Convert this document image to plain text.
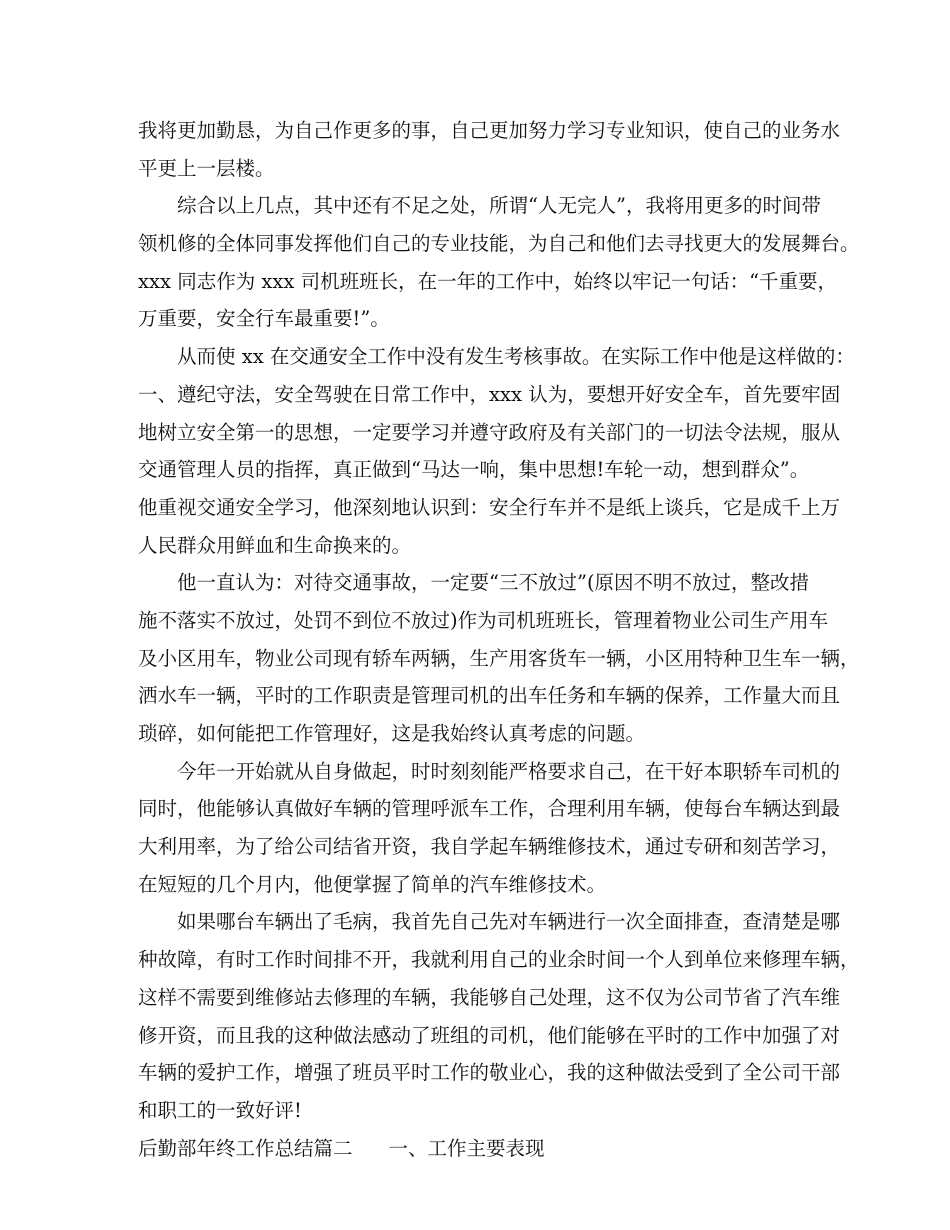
我将更加勤恳，为自己作更多的事，自己更加努力学习专业知识，使自己的业务水
平更上一层楼。
综合以上几点，其中还有不足之处，所谓“人无完人”，我将用更多的时间带
领机修的全体同事发挥他们自己的专业技能，为自己和他们去寻找更大的发展舞台。
xxx 同志作为 xxx 司机班班长，在一年的工作中，始终以牢记一句话：“千重要，
万重要，安全行车最重要!”。
从而使 xx 在交通安全工作中没有发生考核事故。在实际工作中他是这样做的：
一、遵纪守法，安全驾驶在日常工作中，xxx 认为，要想开好安全车，首先要牢固
地树立安全第一的思想，一定要学习并遵守政府及有关部门的一切法令法规，服从
交通管理人员的指挥，真正做到“马达一响，集中思想!车轮一动，想到群众”。
他重视交通安全学习，他深刻地认识到：安全行车并不是纸上谈兵，它是成千上万
人民群众用鲜血和生命换来的。
他一直认为：对待交通事故，一定要“三不放过”(原因不明不放过，整改措
施不落实不放过，处罚不到位不放过)作为司机班班长，管理着物业公司生产用车
及小区用车，物业公司现有轿车两辆，生产用客货车一辆，小区用特种卫生车一辆，
洒水车一辆，平时的工作职责是管理司机的出车任务和车辆的保养，工作量大而且
琐碎，如何能把工作管理好，这是我始终认真考虑的问题。
今年一开始就从自身做起，时时刻刻能严格要求自己，在干好本职轿车司机的
同时，他能够认真做好车辆的管理呼派车工作，合理利用车辆，使每台车辆达到最
大利用率，为了给公司结省开资，我自学起车辆维修技术，通过专研和刻苦学习，
在短短的几个月内，他便掌握了简单的汽车维修技术。
如果哪台车辆出了毛病，我首先自己先对车辆进行一次全面排查，查清楚是哪
种故障，有时工作时间排不开，我就利用自己的业余时间一个人到单位来修理车辆，
这样不需要到维修站去修理的车辆，我能够自己处理，这不仅为公司节省了汽车维
修开资，而且我的这种做法感动了班组的司机，他们能够在平时的工作中加强了对
车辆的爱护工作，增强了班员平时工作的敬业心，我的这种做法受到了全公司干部
和职工的一致好评!
后勤部年终工作总结篇二 一、工作主要表现
